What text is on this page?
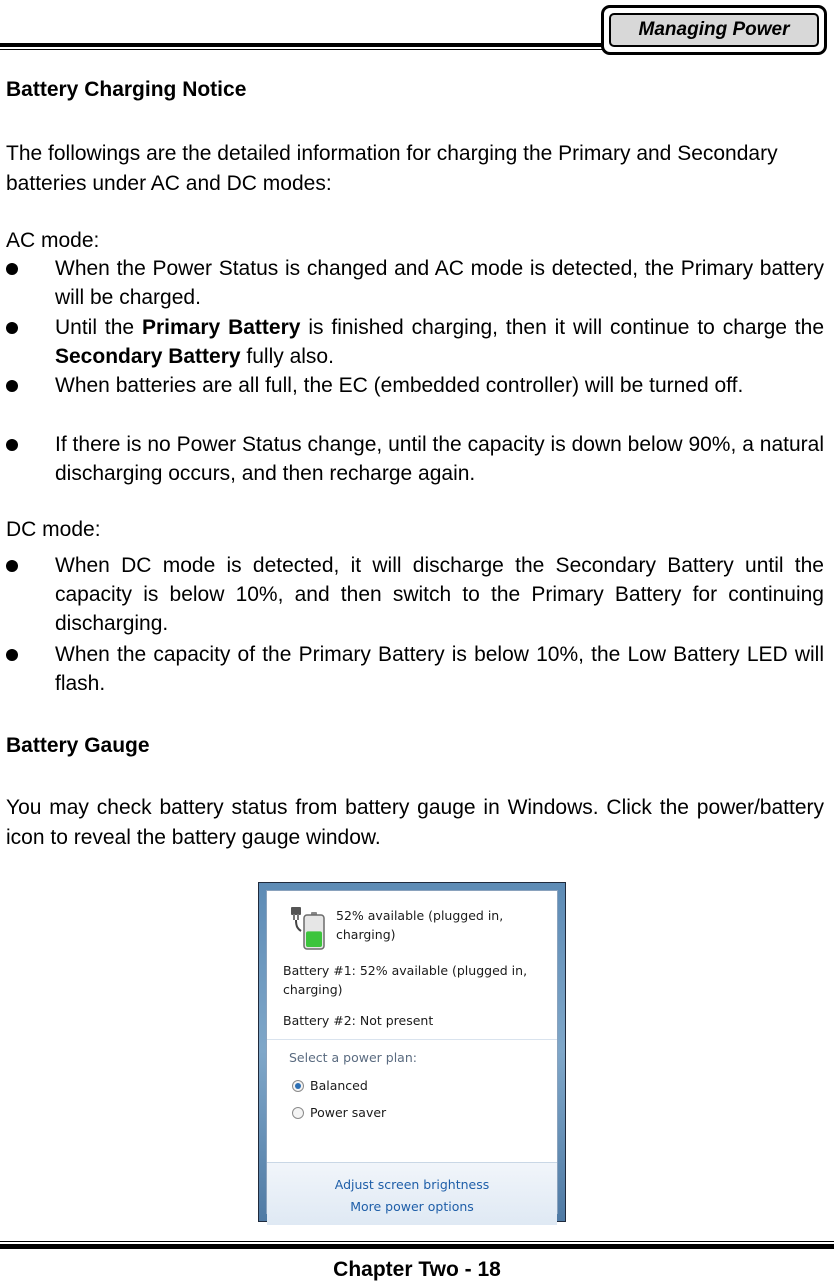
Managing Power
Battery Charging Notice
The followings are the detailed information for charging the Primary and Secondary batteries under AC and DC modes:
AC mode:
When the Power Status is changed and AC mode is detected, the Primary battery will be charged.
Until the Primary Battery is finished charging, then it will continue to charge the Secondary Battery fully also.
When batteries are all full, the EC (embedded controller) will be turned off.
If there is no Power Status change, until the capacity is down below 90%, a natural discharging occurs, and then recharge again.
DC mode:
When DC mode is detected, it will discharge the Secondary Battery until the capacity is below 10%, and then switch to the Primary Battery for continuing discharging.
When the capacity of the Primary Battery is below 10%, the Low Battery LED will flash.
Battery Gauge
You may check battery status from battery gauge in Windows. Click the power/battery icon to reveal the battery gauge window.
52% available (plugged in,
charging)
Battery #1: 52% available (plugged in,
charging)
Battery #2: Not present
Select a power plan:
Balanced
Power saver
Adjust screen brightness
More power options
Chapter Two - 18
